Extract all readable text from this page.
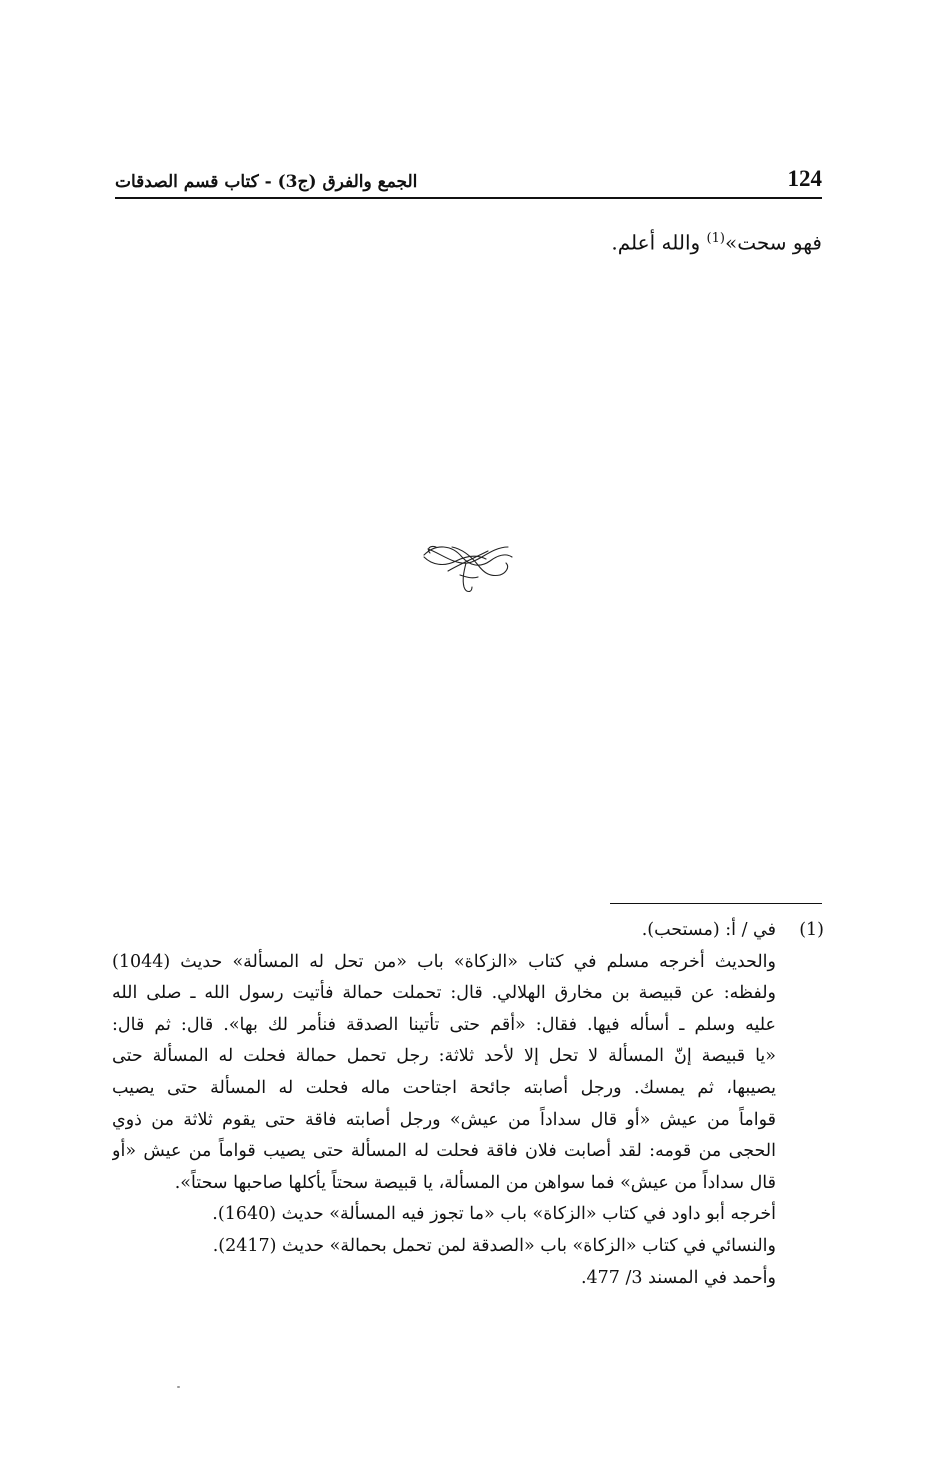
124
الجمع والفرق (ج3) - كتاب قسم الصدقات
فهو سحت»$^{(1)}$ والله أعلم.
(1)
في / أ: (مستحب).
والحديث أخرجه مسلم في كتاب «الزكاة» باب «من تحل له المسألة» حديث (1044)
ولفظه: عن قبيصة بن مخارق الهلالي. قال: تحملت حمالة فأتيت رسول الله ـ صلى الله
عليه وسلم ـ أسأله فيها. فقال: «أقم حتى تأتينا الصدقة فنأمر لك بها». قال: ثم قال:
«يا قبيصة إنّ المسألة لا تحل إلا لأحد ثلاثة: رجل تحمل حمالة فحلت له المسألة حتى
يصيبها، ثم يمسك. ورجل أصابته جائحة اجتاحت ماله فحلت له المسألة حتى يصيب
قواماً من عيش «أو قال سداداً من عيش» ورجل أصابته فاقة حتى يقوم ثلاثة من ذوي
الحجى من قومه: لقد أصابت فلان فاقة فحلت له المسألة حتى يصيب قواماً من عيش «أو
قال سداداً من عيش» فما سواهن من المسألة، يا قبيصة سحتاً يأكلها صاحبها سحتاً».
أخرجه أبو داود في كتاب «الزكاة» باب «ما تجوز فيه المسألة» حديث (1640).
والنسائي في كتاب «الزكاة» باب «الصدقة لمن تحمل بحمالة» حديث (2417).
وأحمد في المسند 3/ 477.
